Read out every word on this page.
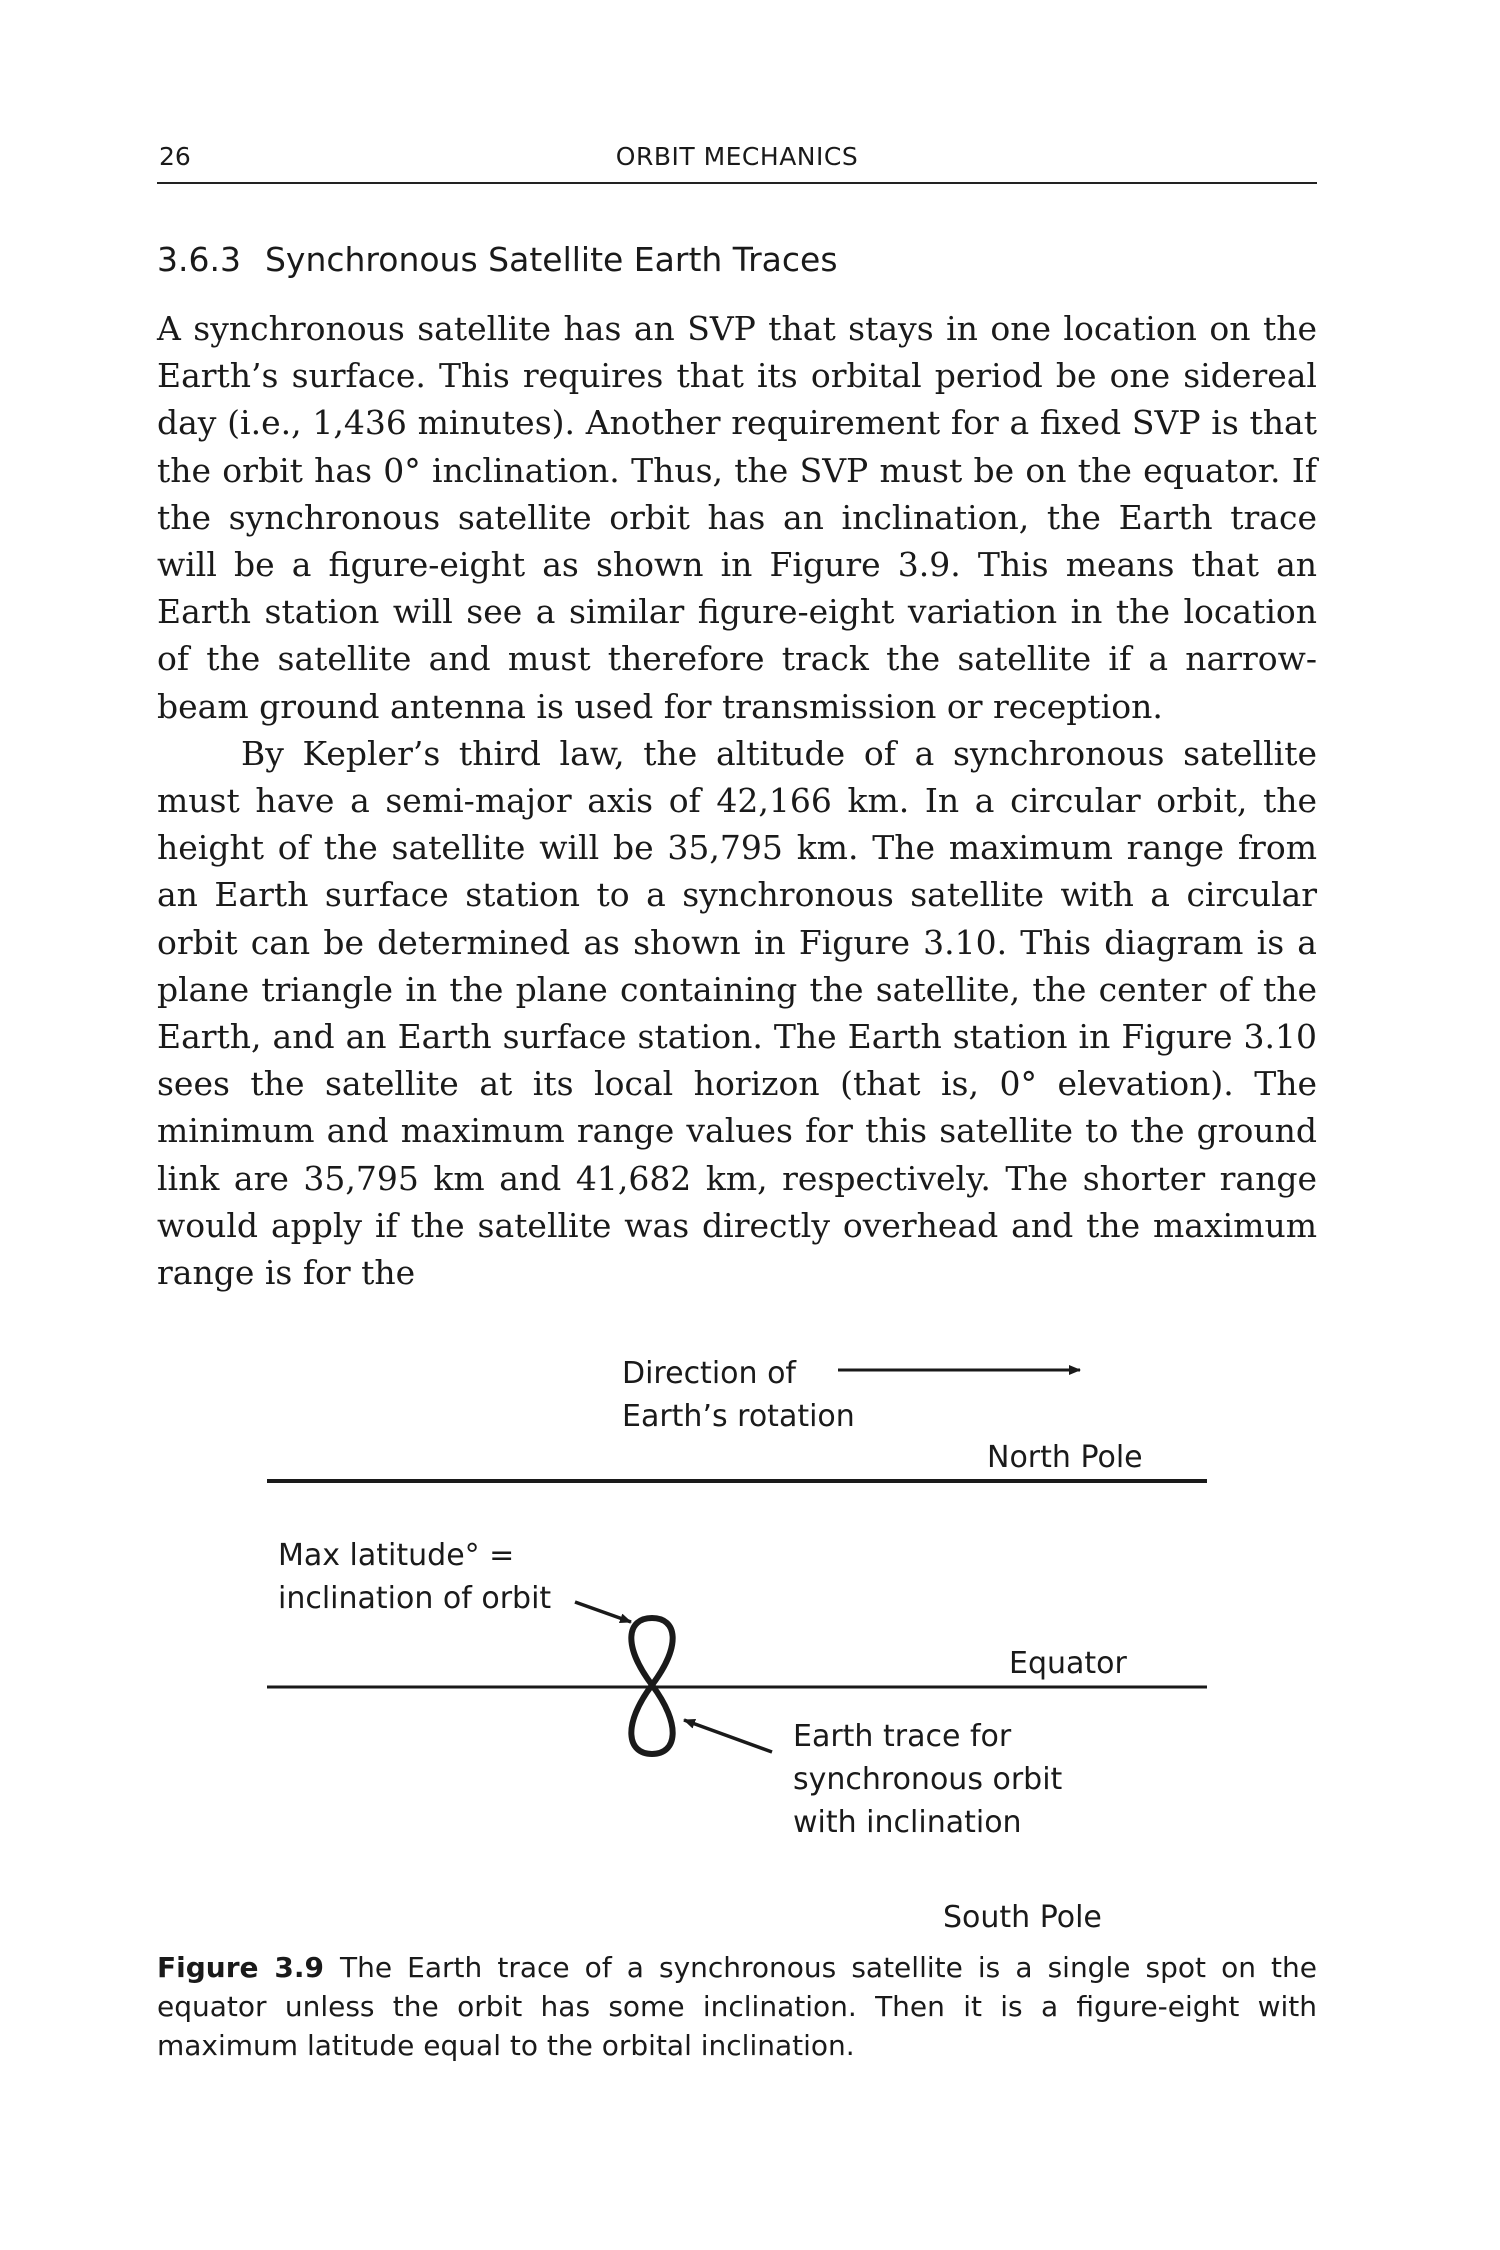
26	ORBIT MECHANICS
3.6.3 Synchronous Satellite Earth Traces

A synchronous satellite has an SVP that stays in one location on the Earth’s surface. This requires that its orbital period be one sidereal day (i.e., 1,436 minutes). Another requirement for a fixed SVP is that the orbit has 0° inclination. Thus, the SVP must be on the equator. If the synchronous satellite orbit has an inclination, the Earth trace will be a figure-eight as shown in Figure 3.9. This means that an Earth station will see a similar figure-eight variation in the location of the satellite and must therefore track the satellite if a narrow-beam ground antenna is used for transmission or reception.

By Kepler’s third law, the altitude of a synchronous satellite must have a semi-major axis of 42,166 km. In a circular orbit, the height of the satellite will be 35,795 km. The maximum range from an Earth surface station to a synchronous satellite with a circular orbit can be determined as shown in Figure 3.10. This diagram is a plane triangle in the plane containing the satellite, the center of the Earth, and an Earth surface station. The Earth station in Figure 3.10 sees the satellite at its local horizon (that is, 0° elevation). The minimum and maximum range values for this satellite to the ground link are 35,795 km and 41,682 km, respectively. The shorter range would apply if the satellite was directly overhead and the maximum range is for the

Direction of
Earth’s rotation
North Pole
Max latitude° =
inclination of orbit
Equator
Earth trace for
synchronous orbit
with inclination
South Pole
Figure 3.9 The Earth trace of a synchronous satellite is a single spot on the equator unless the orbit has some inclination. Then it is a figure-eight with maximum latitude equal to the orbital inclination.
